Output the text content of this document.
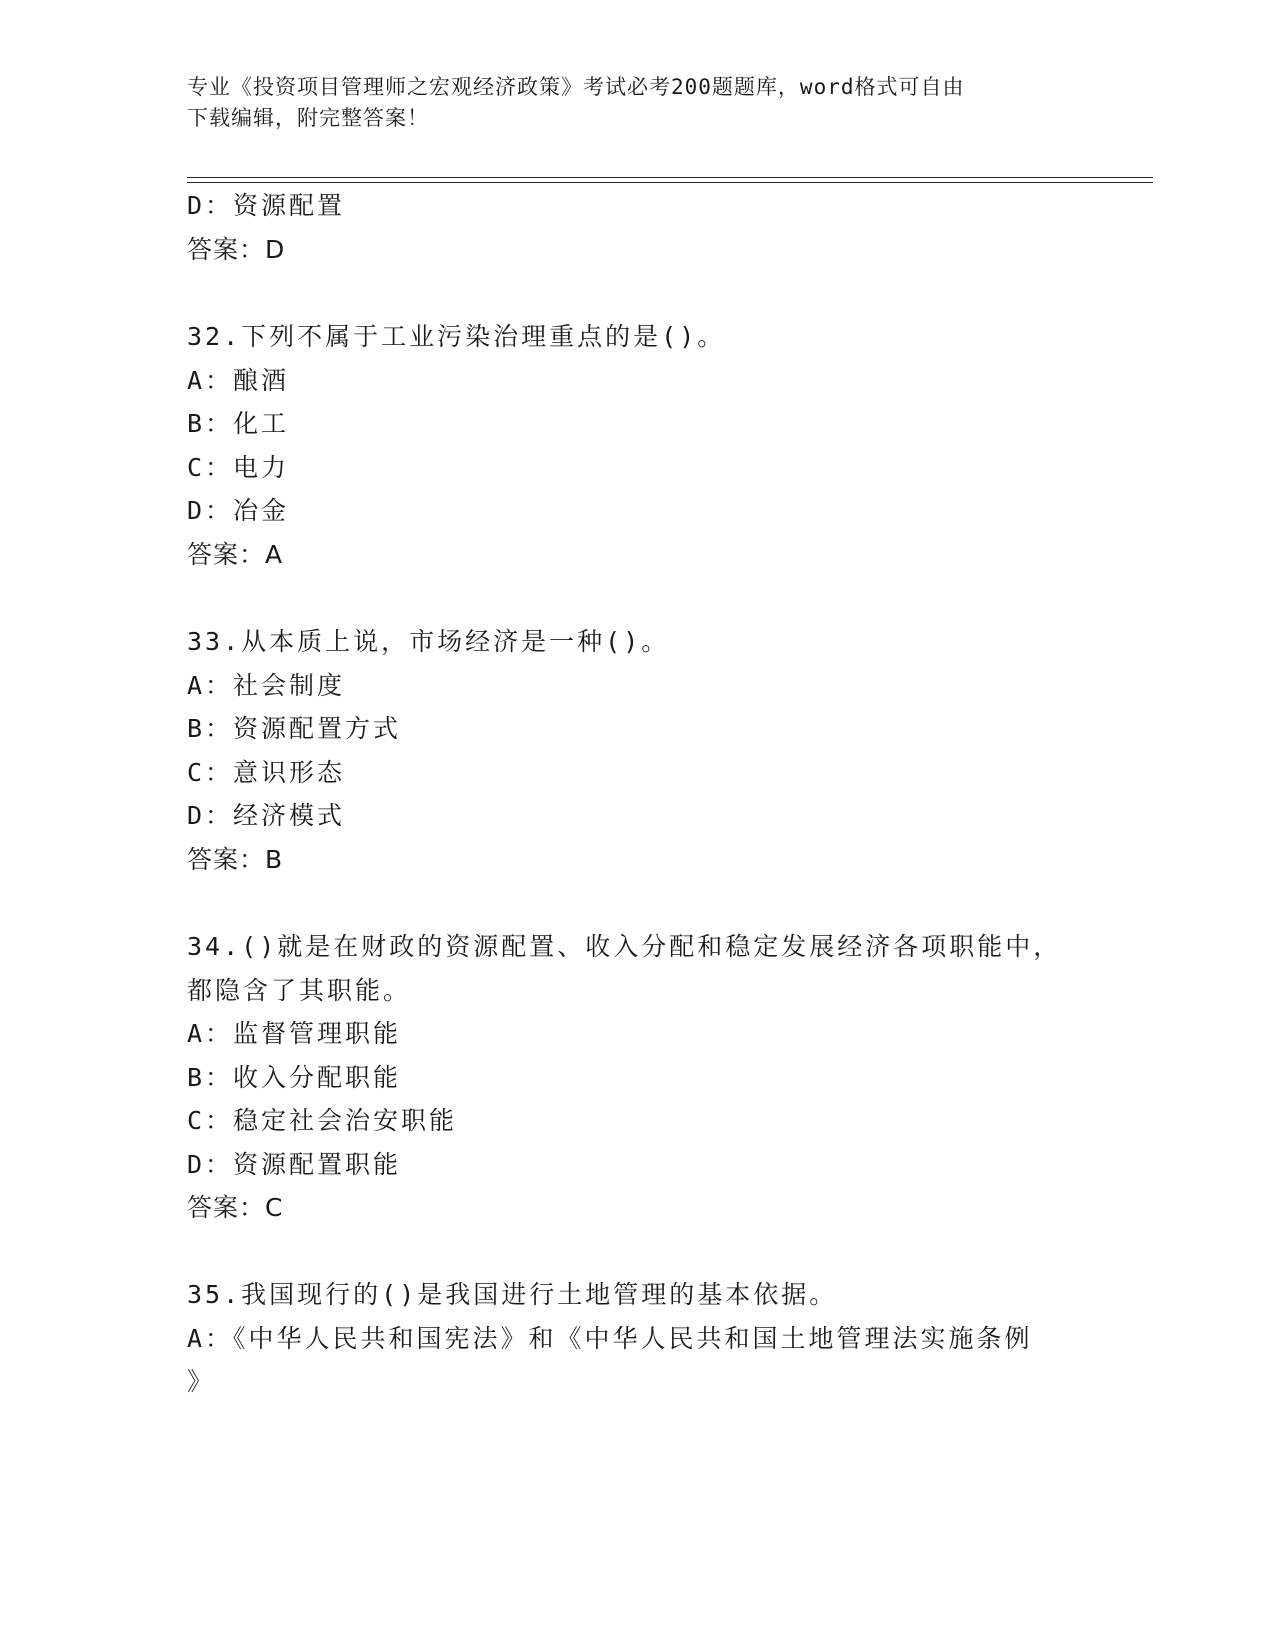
专业《投资项目管理师之宏观经济政策》考试必考200题题库，word格式可自由
下载编辑，附完整答案！
D：资源配置
答案：D
32.下列不属于工业污染治理重点的是()。
A：酿酒
B：化工
C：电力
D：冶金
答案：A
33.从本质上说，市场经济是一种()。
A：社会制度
B：资源配置方式
C：意识形态
D：经济模式
答案：B
34.()就是在财政的资源配置、收入分配和稳定发展经济各项职能中，
都隐含了其职能。
A：监督管理职能
B：收入分配职能
C：稳定社会治安职能
D：资源配置职能
答案：C
35.我国现行的()是我国进行土地管理的基本依据。
A：《中华人民共和国宪法》和《中华人民共和国土地管理法实施条例
》
